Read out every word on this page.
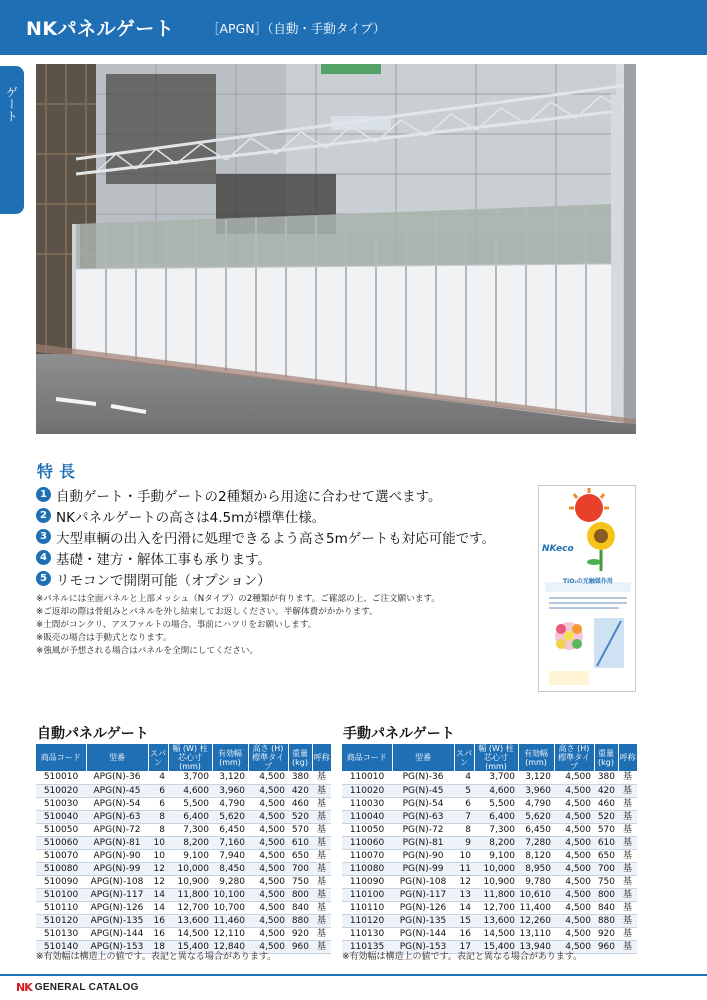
NKパネルゲート	［APGN］（自動・手動タイプ）
ゲート
特長
1 自動ゲート・手動ゲートの2種類から用途に合わせて選べます。
2 NKパネルゲートの高さは4.5mが標準仕様。
3 大型車輌の出入を円滑に処理できるよう高さ5mゲートも対応可能です。
4 基礎・建方・解体工事も承ります。
5 リモコンで開閉可能（オプション）
※パネルには全面パネルと上部メッシュ（Nタイプ）の2種類が有ります。ご確認の上、ご注文願います。
※ご返却の際は骨組みとパネルを外し結束してお返しください。半解体費がかかります。
※土間がコンクリ、アスファルトの場合、事前にハツリをお願いします。
※販売の場合は手動式となります。
※強風が予想される場合はパネルを全開にしてください。
NKeco
TiO₂の光触媒作用
自動パネルゲート
商品コード	型番	スパン	幅 (W) 柱芯心寸 (mm)	有効幅 (mm)	高さ (H) 標準タイプ	重量 (kg)	呼称
510010	APG(N)-36	4	3,700	3,120	4,500	380	基
510020	APG(N)-45	6	4,600	3,960	4,500	420	基
510030	APG(N)-54	6	5,500	4,790	4,500	460	基
510040	APG(N)-63	8	6,400	5,620	4,500	520	基
510050	APG(N)-72	8	7,300	6,450	4,500	570	基
510060	APG(N)-81	10	8,200	7,160	4,500	610	基
510070	APG(N)-90	10	9,100	7,940	4,500	650	基
510080	APG(N)-99	12	10,000	8,450	4,500	700	基
510090	APG(N)-108	12	10,900	9,280	4,500	750	基
510100	APG(N)-117	14	11,800	10,100	4,500	800	基
510110	APG(N)-126	14	12,700	10,700	4,500	840	基
510120	APG(N)-135	16	13,600	11,460	4,500	880	基
510130	APG(N)-144	16	14,500	12,110	4,500	920	基
510140	APG(N)-153	18	15,400	12,840	4,500	960	基
※有効幅は構造上の値です。表記と異なる場合があります。
手動パネルゲート
商品コード	型番	スパン	幅 (W) 柱芯心寸 (mm)	有効幅 (mm)	高さ (H) 標準タイプ	重量 (kg)	呼称
110010	PG(N)-36	4	3,700	3,120	4,500	380	基
110020	PG(N)-45	5	4,600	3,960	4,500	420	基
110030	PG(N)-54	6	5,500	4,790	4,500	460	基
110040	PG(N)-63	7	6,400	5,620	4,500	520	基
110050	PG(N)-72	8	7,300	6,450	4,500	570	基
110060	PG(N)-81	9	8,200	7,280	4,500	610	基
110070	PG(N)-90	10	9,100	8,120	4,500	650	基
110080	PG(N)-99	11	10,000	8,950	4,500	700	基
110090	PG(N)-108	12	10,900	9,780	4,500	750	基
110100	PG(N)-117	13	11,800	10,610	4,500	800	基
110110	PG(N)-126	14	12,700	11,400	4,500	840	基
110120	PG(N)-135	15	13,600	12,260	4,500	880	基
110130	PG(N)-144	16	14,500	13,110	4,500	920	基
110135	PG(N)-153	17	15,400	13,940	4,500	960	基
※有効幅は構造上の値です。表記と異なる場合があります。
NK GENERAL CATALOG
